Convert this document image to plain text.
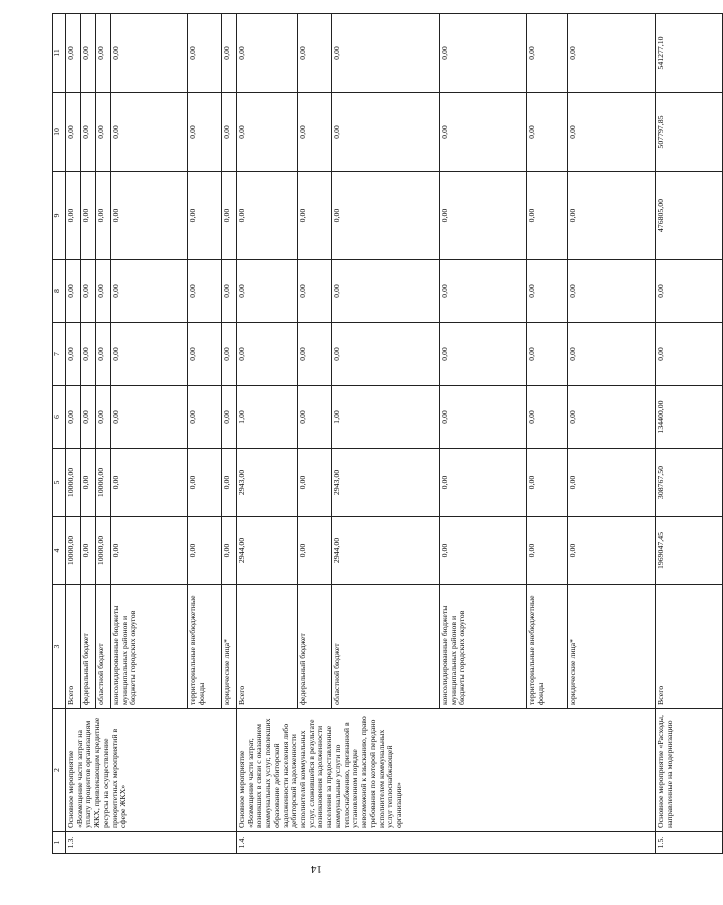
14
1	2	3	4	5	6	7	8	9	10	11
1.3.	Основное мероприятие «Возмещение части затрат на уплату процентов организациям ЖКХ, привлекающим кредитные ресурсы на осуществление приоритетных мероприятий в сфере ЖКХ»	Всего	10000,00	10000,00	0,00	0,00	0,00	0,00	0,00	0,00
		федеральный бюджет	0,00	0,00	0,00	0,00	0,00	0,00	0,00	0,00
		областной бюджет	10000,00	10000,00	0,00	0,00	0,00	0,00	0,00	0,00
		консолидированные бюджеты муниципальных районов и бюджеты городских округов	0,00	0,00	0,00	0,00	0,00	0,00	0,00	0,00
		территориальные внебюджетные фонды	0,00	0,00	0,00	0,00	0,00	0,00	0,00	0,00
		юридические лица*	0,00	0,00	0,00	0,00	0,00	0,00	0,00	0,00
1.4.	Основное мероприятие «Возмещение части затрат, возникших в связи с оказанием коммунальных услуг, повлекших образование дебиторской задолженности населения либо дебиторской задолженности исполнителей коммунальных услуг, сложившейся в результате возникновения задолженности населения за предоставленные коммунальные услуги по теплоснабжению, признанной в установленном порядке невозможной к взысканию, право требования по которой передано исполнителем коммунальных услуг теплоснабжающей организации»	Всего	2944,00	2943,00	1,00	0,00	0,00	0,00	0,00	0,00
		федеральный бюджет	0,00	0,00	0,00	0,00	0,00	0,00	0,00	0,00
		областной бюджет	2944,00	2943,00	1,00	0,00	0,00	0,00	0,00	0,00
		консолидированные бюджеты муниципальных районов и бюджеты городских округов	0,00	0,00	0,00	0,00	0,00	0,00	0,00	0,00
		территориальные внебюджетные фонды	0,00	0,00	0,00	0,00	0,00	0,00	0,00	0,00
		юридические лица*	0,00	0,00	0,00	0,00	0,00	0,00	0,00	0,00
1.5.	Основное мероприятие «Расходы, направленные на модернизацию	Всего	1969047,45	308767,50	134400,00	0,00	0,00	476805,00	507797,85	541277,10
